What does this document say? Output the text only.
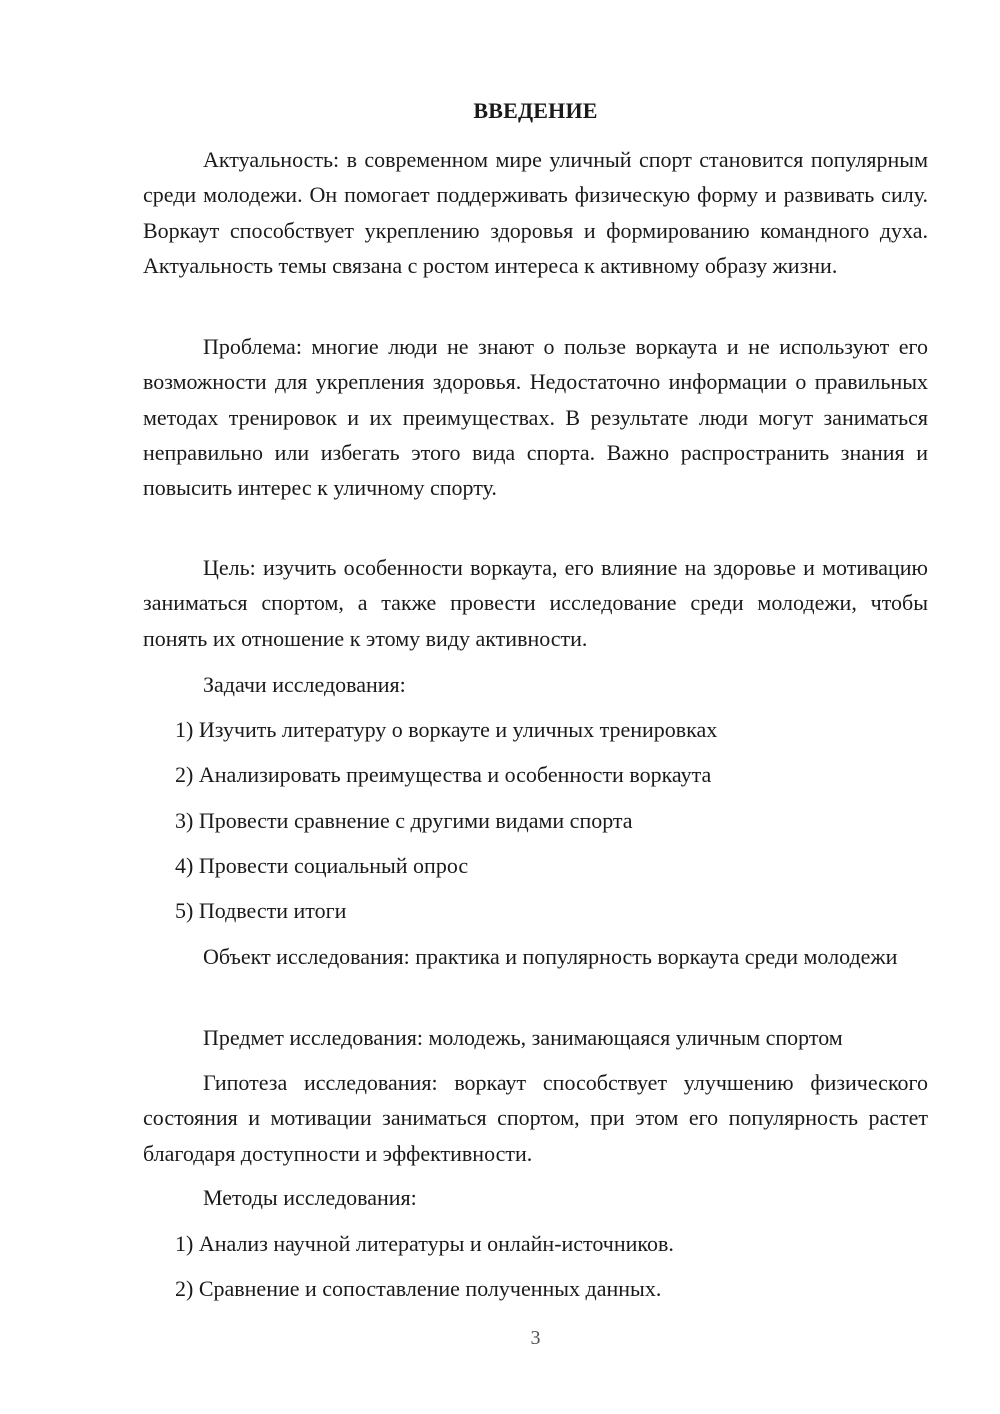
ВВЕДЕНИЕ
Актуальность: в современном мире уличный спорт становится популярным среди молодежи. Он помогает поддерживать физическую форму и развивать силу. Воркаут способствует укреплению здоровья и формированию командного духа. Актуальность темы связана с ростом интереса к активному образу жизни.
Проблема: многие люди не знают о пользе воркаута и не используют его возможности для укрепления здоровья. Недостаточно информации о правильных методах тренировок и их преимуществах. В результате люди могут заниматься неправильно или избегать этого вида спорта. Важно распространить знания и повысить интерес к уличному спорту.
Цель: изучить особенности воркаута, его влияние на здоровье и мотивацию заниматься спортом, а также провести исследование среди молодежи, чтобы понять их отношение к этому виду активности.
Задачи исследования:
1) Изучить литературу о воркауте и уличных тренировках
2) Анализировать преимущества и особенности воркаута
3) Провести сравнение с другими видами спорта
4) Провести социальный опрос
5) Подвести итоги
Объект исследования: практика и популярность воркаута среди молодежи
Предмет исследования: молодежь, занимающаяся уличным спортом
Гипотеза исследования: воркаут способствует улучшению физического состояния и мотивации заниматься спортом, при этом его популярность растет благодаря доступности и эффективности.
Методы исследования:
1) Анализ научной литературы и онлайн-источников.
2) Сравнение и сопоставление полученных данных.
3
